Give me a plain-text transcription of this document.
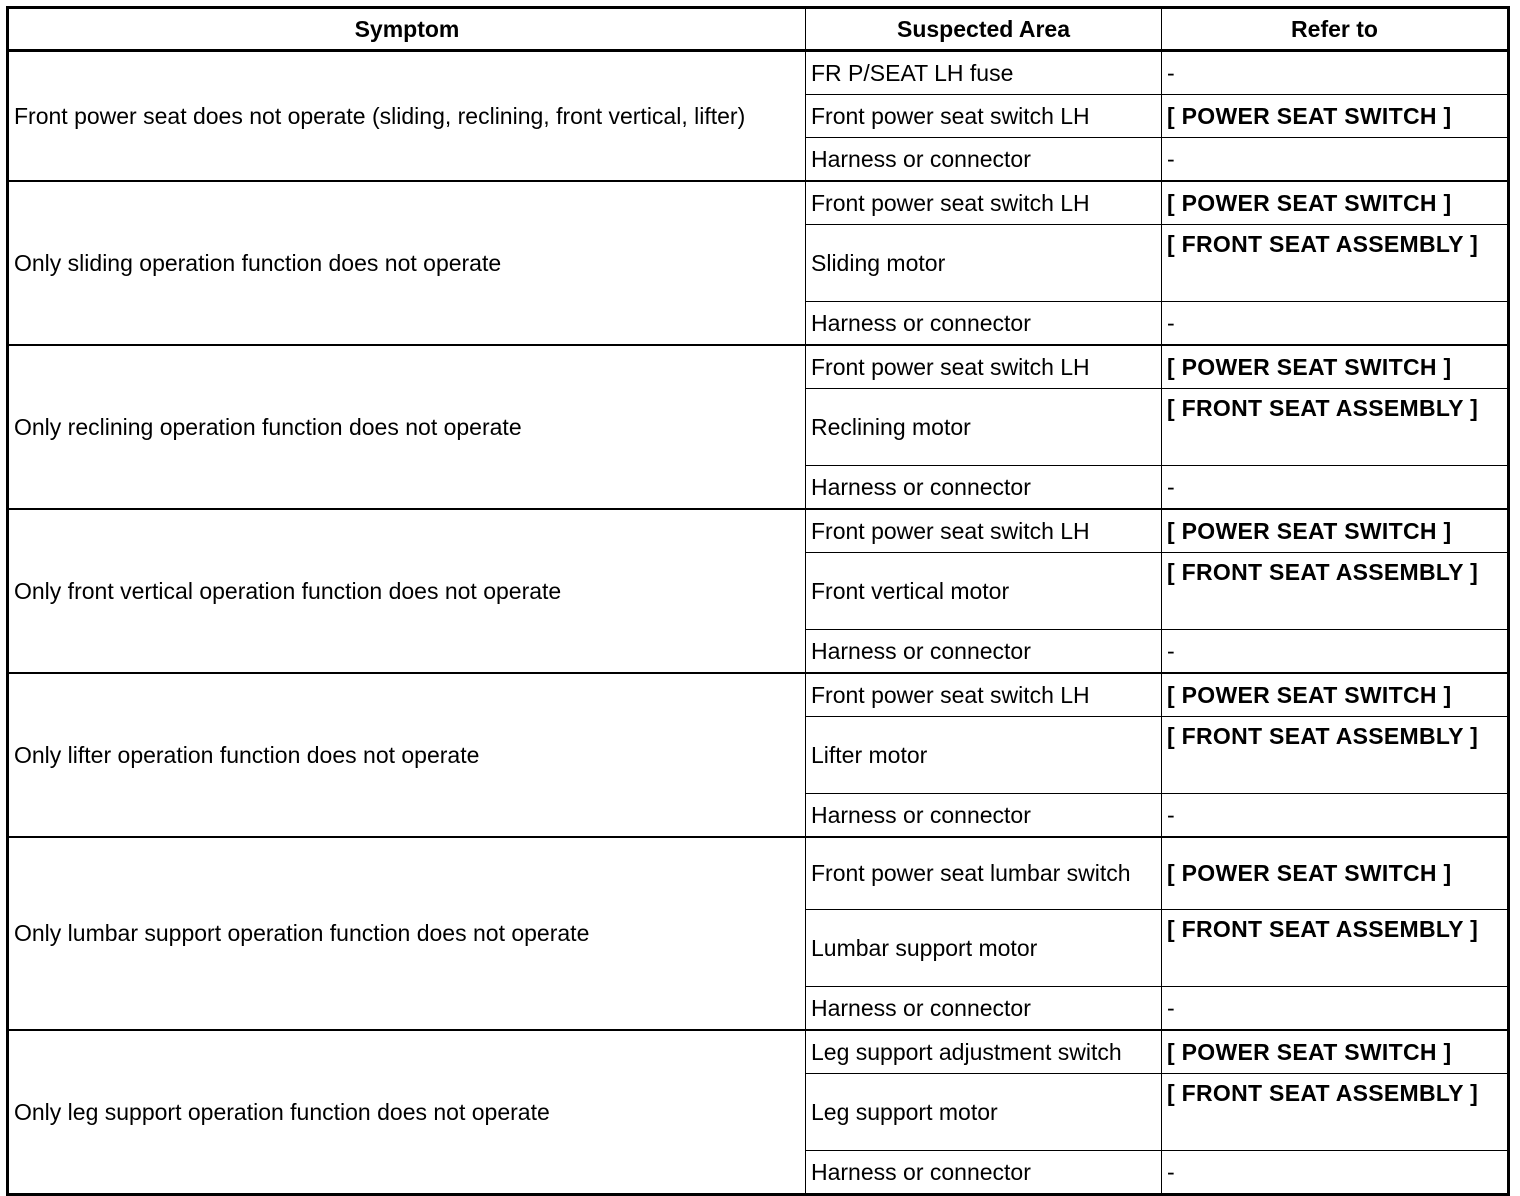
Symptom	Suspected Area	Refer to
Front power seat does not operate (sliding, reclining, front vertical, lifter)	FR P/SEAT LH fuse	-
	Front power seat switch LH	[ POWER SEAT SWITCH ]
	Harness or connector	-
Only sliding operation function does not operate	Front power seat switch LH	[ POWER SEAT SWITCH ]
	Sliding motor	[ FRONT SEAT ASSEMBLY ]
	Harness or connector	-
Only reclining operation function does not operate	Front power seat switch LH	[ POWER SEAT SWITCH ]
	Reclining motor	[ FRONT SEAT ASSEMBLY ]
	Harness or connector	-
Only front vertical operation function does not operate	Front power seat switch LH	[ POWER SEAT SWITCH ]
	Front vertical motor	[ FRONT SEAT ASSEMBLY ]
	Harness or connector	-
Only lifter operation function does not operate	Front power seat switch LH	[ POWER SEAT SWITCH ]
	Lifter motor	[ FRONT SEAT ASSEMBLY ]
	Harness or connector	-
Only lumbar support operation function does not operate	Front power seat lumbar switch	[ POWER SEAT SWITCH ]
	Lumbar support motor	[ FRONT SEAT ASSEMBLY ]
	Harness or connector	-
Only leg support operation function does not operate	Leg support adjustment switch	[ POWER SEAT SWITCH ]
	Leg support motor	[ FRONT SEAT ASSEMBLY ]
	Harness or connector	-
